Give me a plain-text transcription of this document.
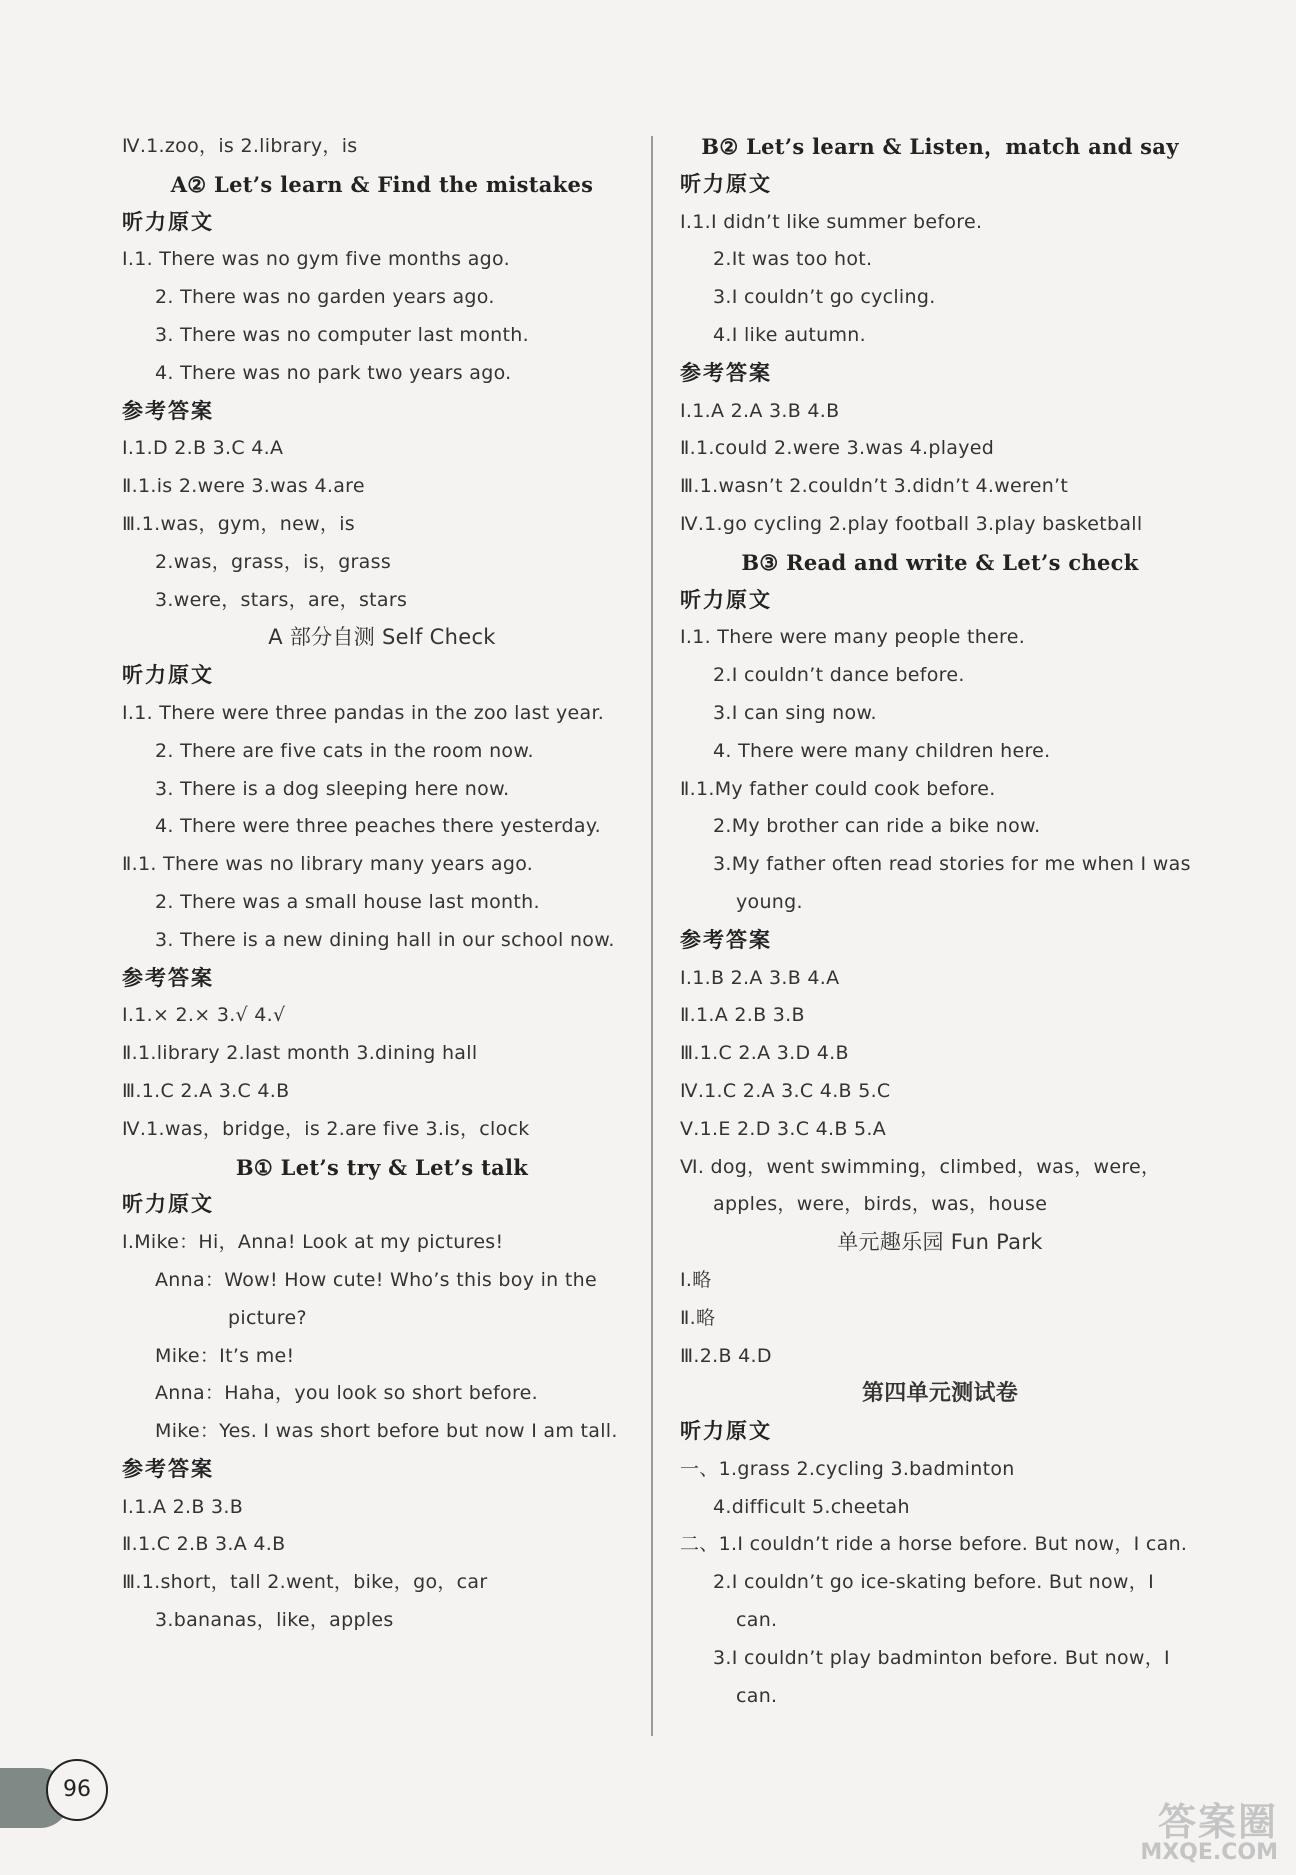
Ⅳ.1.zoo，is 2.library，is
A② Let’s learn & Find the mistakes
听力原文
Ⅰ.1. There was no gym five months ago.
2. There was no garden years ago.
3. There was no computer last month.
4. There was no park two years ago.
参考答案
Ⅰ.1.D 2.B 3.C 4.A
Ⅱ.1.is 2.were 3.was 4.are
Ⅲ.1.was，gym，new，is
2.was，grass，is，grass
3.were，stars，are，stars
A 部分自测 Self Check
听力原文
Ⅰ.1. There were three pandas in the zoo last year.
2. There are five cats in the room now.
3. There is a dog sleeping here now.
4. There were three peaches there yesterday.
Ⅱ.1. There was no library many years ago.
2. There was a small house last month.
3. There is a new dining hall in our school now.
参考答案
Ⅰ.1.× 2.× 3.√ 4.√
Ⅱ.1.library 2.last month 3.dining hall
Ⅲ.1.C 2.A 3.C 4.B
Ⅳ.1.was，bridge，is 2.are five 3.is，clock
B① Let’s try & Let’s talk
听力原文
Ⅰ.Mike：Hi，Anna! Look at my pictures!
Anna：Wow! How cute! Who’s this boy in the
picture?
Mike：It’s me!
Anna：Haha，you look so short before.
Mike：Yes. I was short before but now I am tall.
参考答案
Ⅰ.1.A 2.B 3.B
Ⅱ.1.C 2.B 3.A 4.B
Ⅲ.1.short，tall 2.went，bike，go，car
3.bananas，like，apples
B② Let’s learn & Listen，match and say
听力原文
Ⅰ.1.I didn’t like summer before.
2.It was too hot.
3.I couldn’t go cycling.
4.I like autumn.
参考答案
Ⅰ.1.A 2.A 3.B 4.B
Ⅱ.1.could 2.were 3.was 4.played
Ⅲ.1.wasn’t 2.couldn’t 3.didn’t 4.weren’t
Ⅳ.1.go cycling 2.play football 3.play basketball
B③ Read and write & Let’s check
听力原文
Ⅰ.1. There were many people there.
2.I couldn’t dance before.
3.I can sing now.
4. There were many children here.
Ⅱ.1.My father could cook before.
2.My brother can ride a bike now.
3.My father often read stories for me when I was
young.
参考答案
Ⅰ.1.B 2.A 3.B 4.A
Ⅱ.1.A 2.B 3.B
Ⅲ.1.C 2.A 3.D 4.B
Ⅳ.1.C 2.A 3.C 4.B 5.C
Ⅴ.1.E 2.D 3.C 4.B 5.A
Ⅵ. dog，went swimming，climbed，was，were，
apples，were，birds，was，house
单元趣乐园 Fun Park
Ⅰ.略
Ⅱ.略
Ⅲ.2.B 4.D
第四单元测试卷
听力原文
一、1.grass 2.cycling 3.badminton
4.difficult 5.cheetah
二、1.I couldn’t ride a horse before. But now，I can.
2.I couldn’t go ice-skating before. But now，I
can.
3.I couldn’t play badminton before. But now，I
can.
96
答案圈
MXQE.COM
